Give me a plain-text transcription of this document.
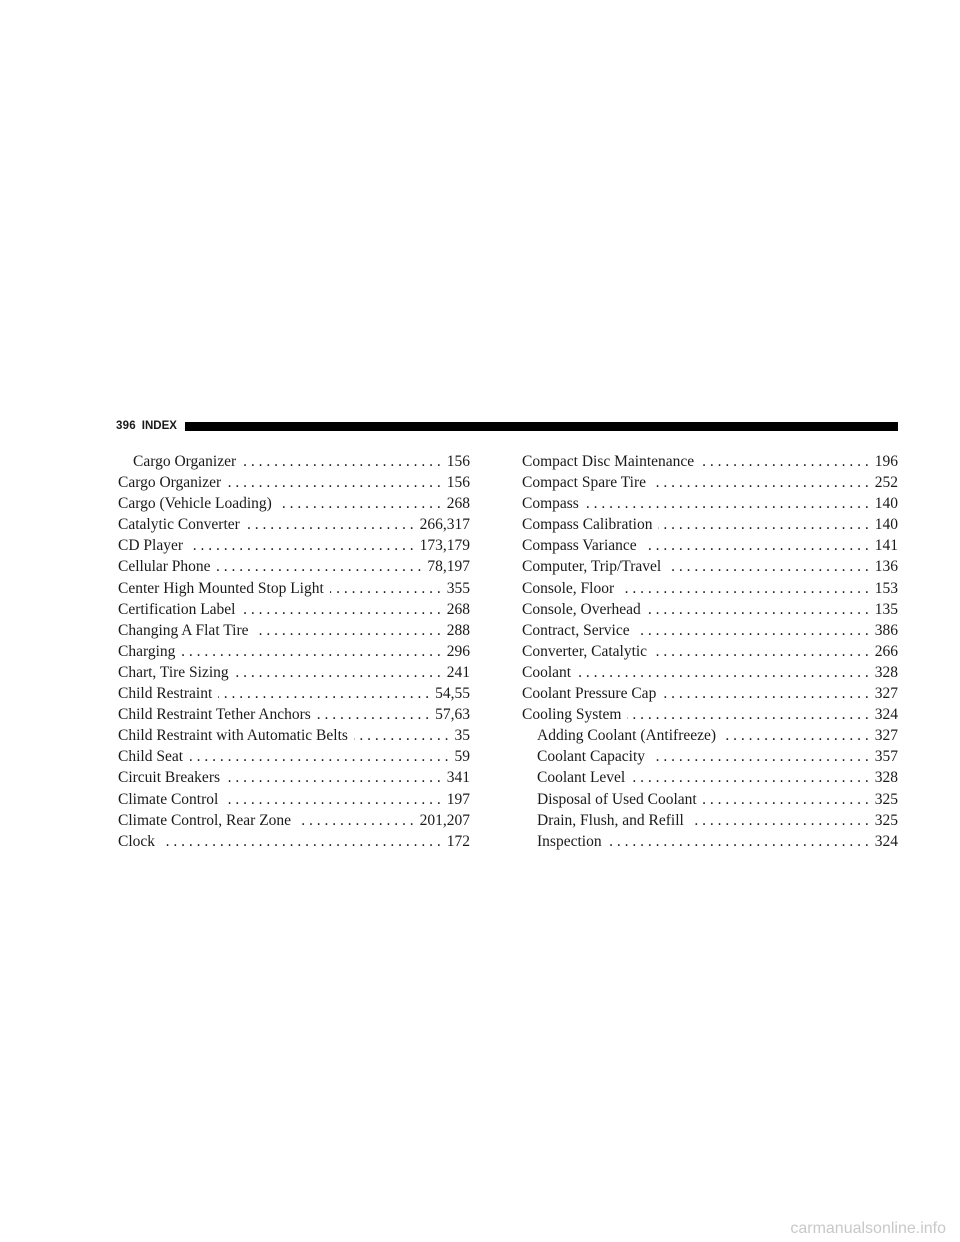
396 INDEX
Cargo Organizer . . .	156
Cargo Organizer . . .	156
Cargo (Vehicle Loading) . . .	268
Catalytic Converter . . .	266,317
CD Player . . .	173,179
Cellular Phone . . .	78,197
Center High Mounted Stop Light . . .	355
Certification Label . . .	268
Changing A Flat Tire . . .	288
Charging . . .	296
Chart, Tire Sizing . . .	241
Child Restraint . . .	54,55
Child Restraint Tether Anchors . . .	57,63
Child Restraint with Automatic Belts . . .	35
Child Seat . . .	59
Circuit Breakers . . .	341
Climate Control . . .	197
Climate Control, Rear Zone . . .	201,207
Clock . . .	172
Compact Disc Maintenance . . .	196
Compact Spare Tire . . .	252
Compass . . .	140
Compass Calibration . . .	140
Compass Variance . . .	141
Computer, Trip/Travel . . .	136
Console, Floor . . .	153
Console, Overhead . . .	135
Contract, Service . . .	386
Converter, Catalytic . . .	266
Coolant . . .	328
Coolant Pressure Cap . . .	327
Cooling System . . .	324
Adding Coolant (Antifreeze) . . .	327
Coolant Capacity . . .	357
Coolant Level . . .	328
Disposal of Used Coolant . . .	325
Drain, Flush, and Refill . . .	325
Inspection . . .	324
carmanualsonline.info
